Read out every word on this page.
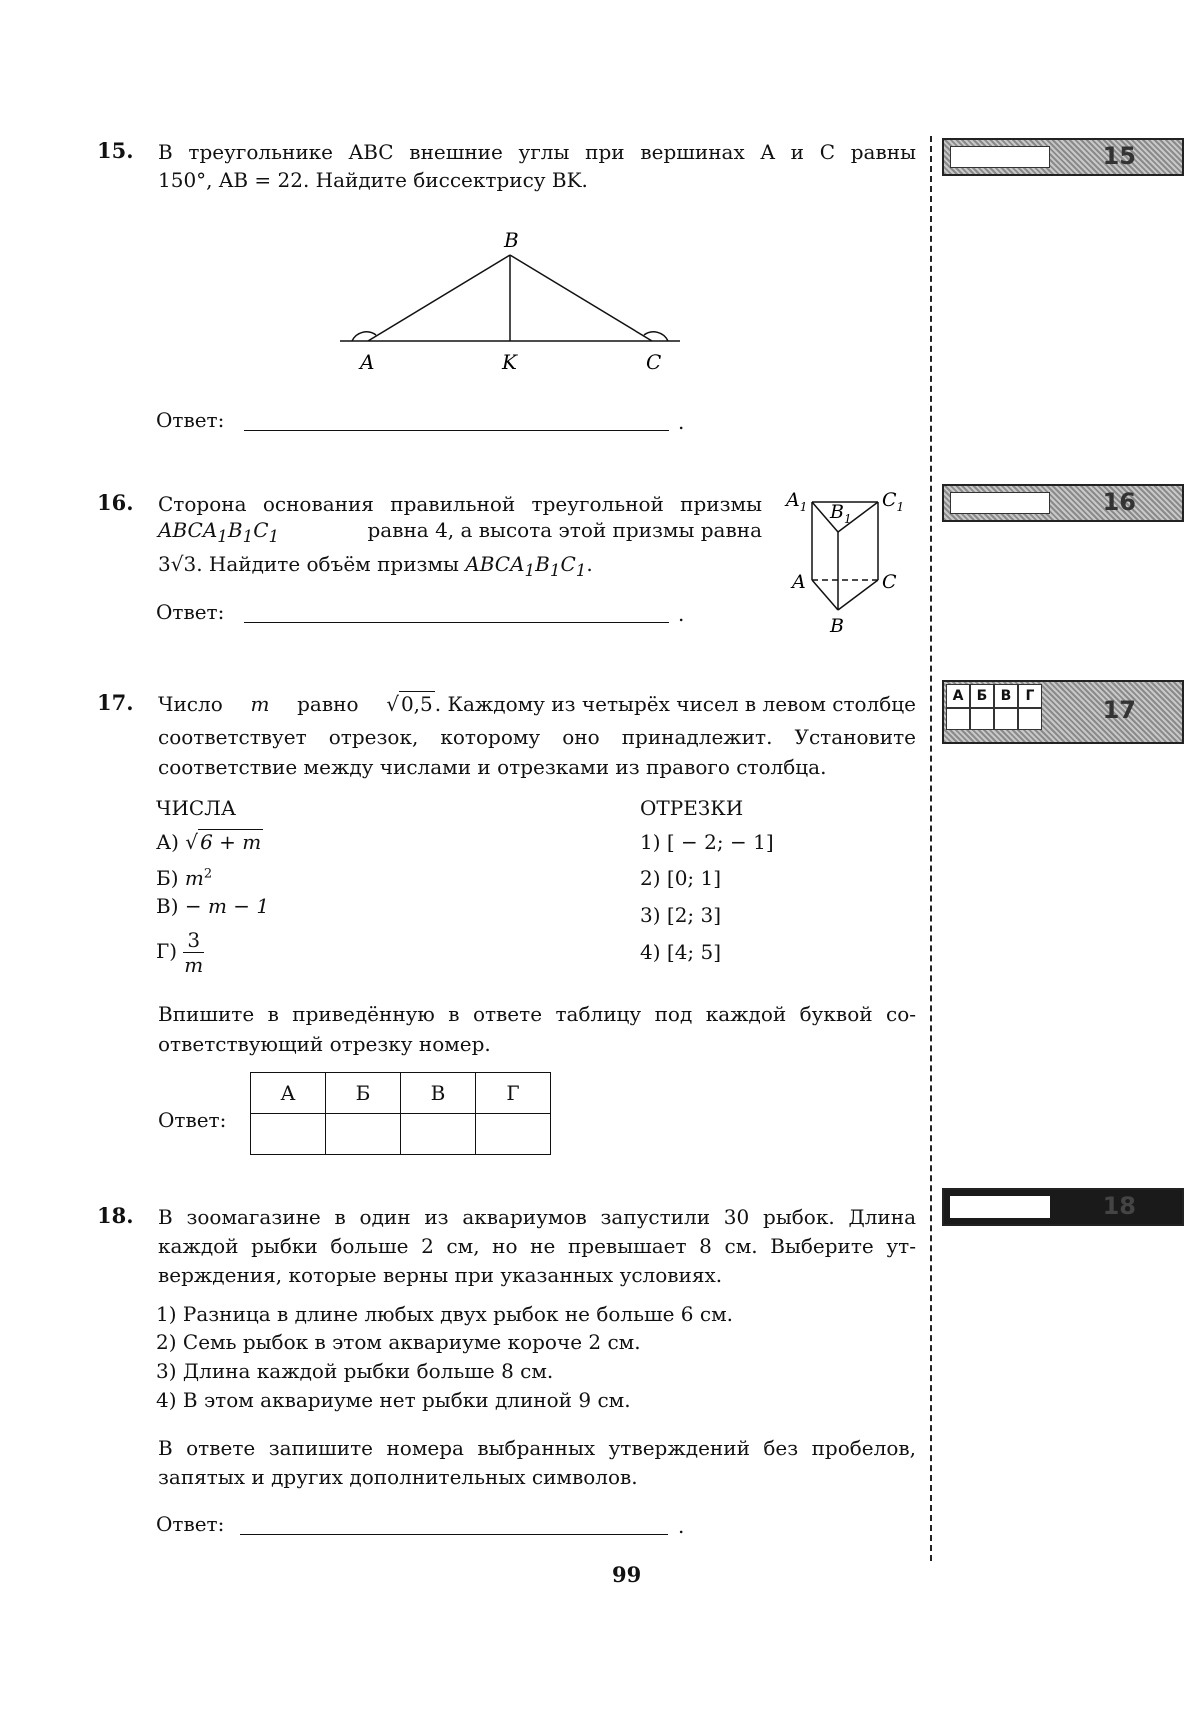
15. В треугольнике ABC внешние углы при вершинах A и C равны
150°, AB = 22. Найдите биссектрису BK.
B
A	K	C
Ответ:	.
16. Сторона основания правильной треугольной призмы
$ABCA_1B_1C_1$	равна 4, а высота этой призмы равна
3√3. Найдите объём призмы $ABCA_1B_1C_1$.
$A_1$ $B_1$
$C_1$
A	C
B
Ответ:	.
17. Число m равно √ 0,5 . Каждому из четырёх чисел в левом столбце
соответствует отрезок, которому оно принадлежит. Установите
соответствие между числами и отрезками из правого столбца.
ЧИСЛА	ОТРЕЗКИ
А) √ 6 + m
Б) $m^2$
В) − m − 1
$Г) \frac{3}{m}$
1) [ − 2; − 1]
2) [0; 1]
3) [2; 3]
4) [4; 5]
Впишите в приведённую в ответе таблицу под каждой буквой со-
ответствующий отрезку номер.
Ответ:
А	Б	В	Г

18. В зоомагазине в один из аквариумов запустили 30 рыбок. Длина
каждой рыбки больше 2 см, но не превышает 8 см. Выберите ут-
верждения, которые верны при указанных условиях.
1) Разница в длине любых двух рыбок не больше 6 см.
2) Семь рыбок в этом аквариуме короче 2 см.
3) Длина каждой рыбки больше 8 см.
4) В этом аквариуме нет рыбки длиной 9 см.
В ответе запишите номера выбранных утверждений без пробелов,
запятых и других дополнительных символов.
Ответ:	.
99
15
16
А Б В	Г	17
18
